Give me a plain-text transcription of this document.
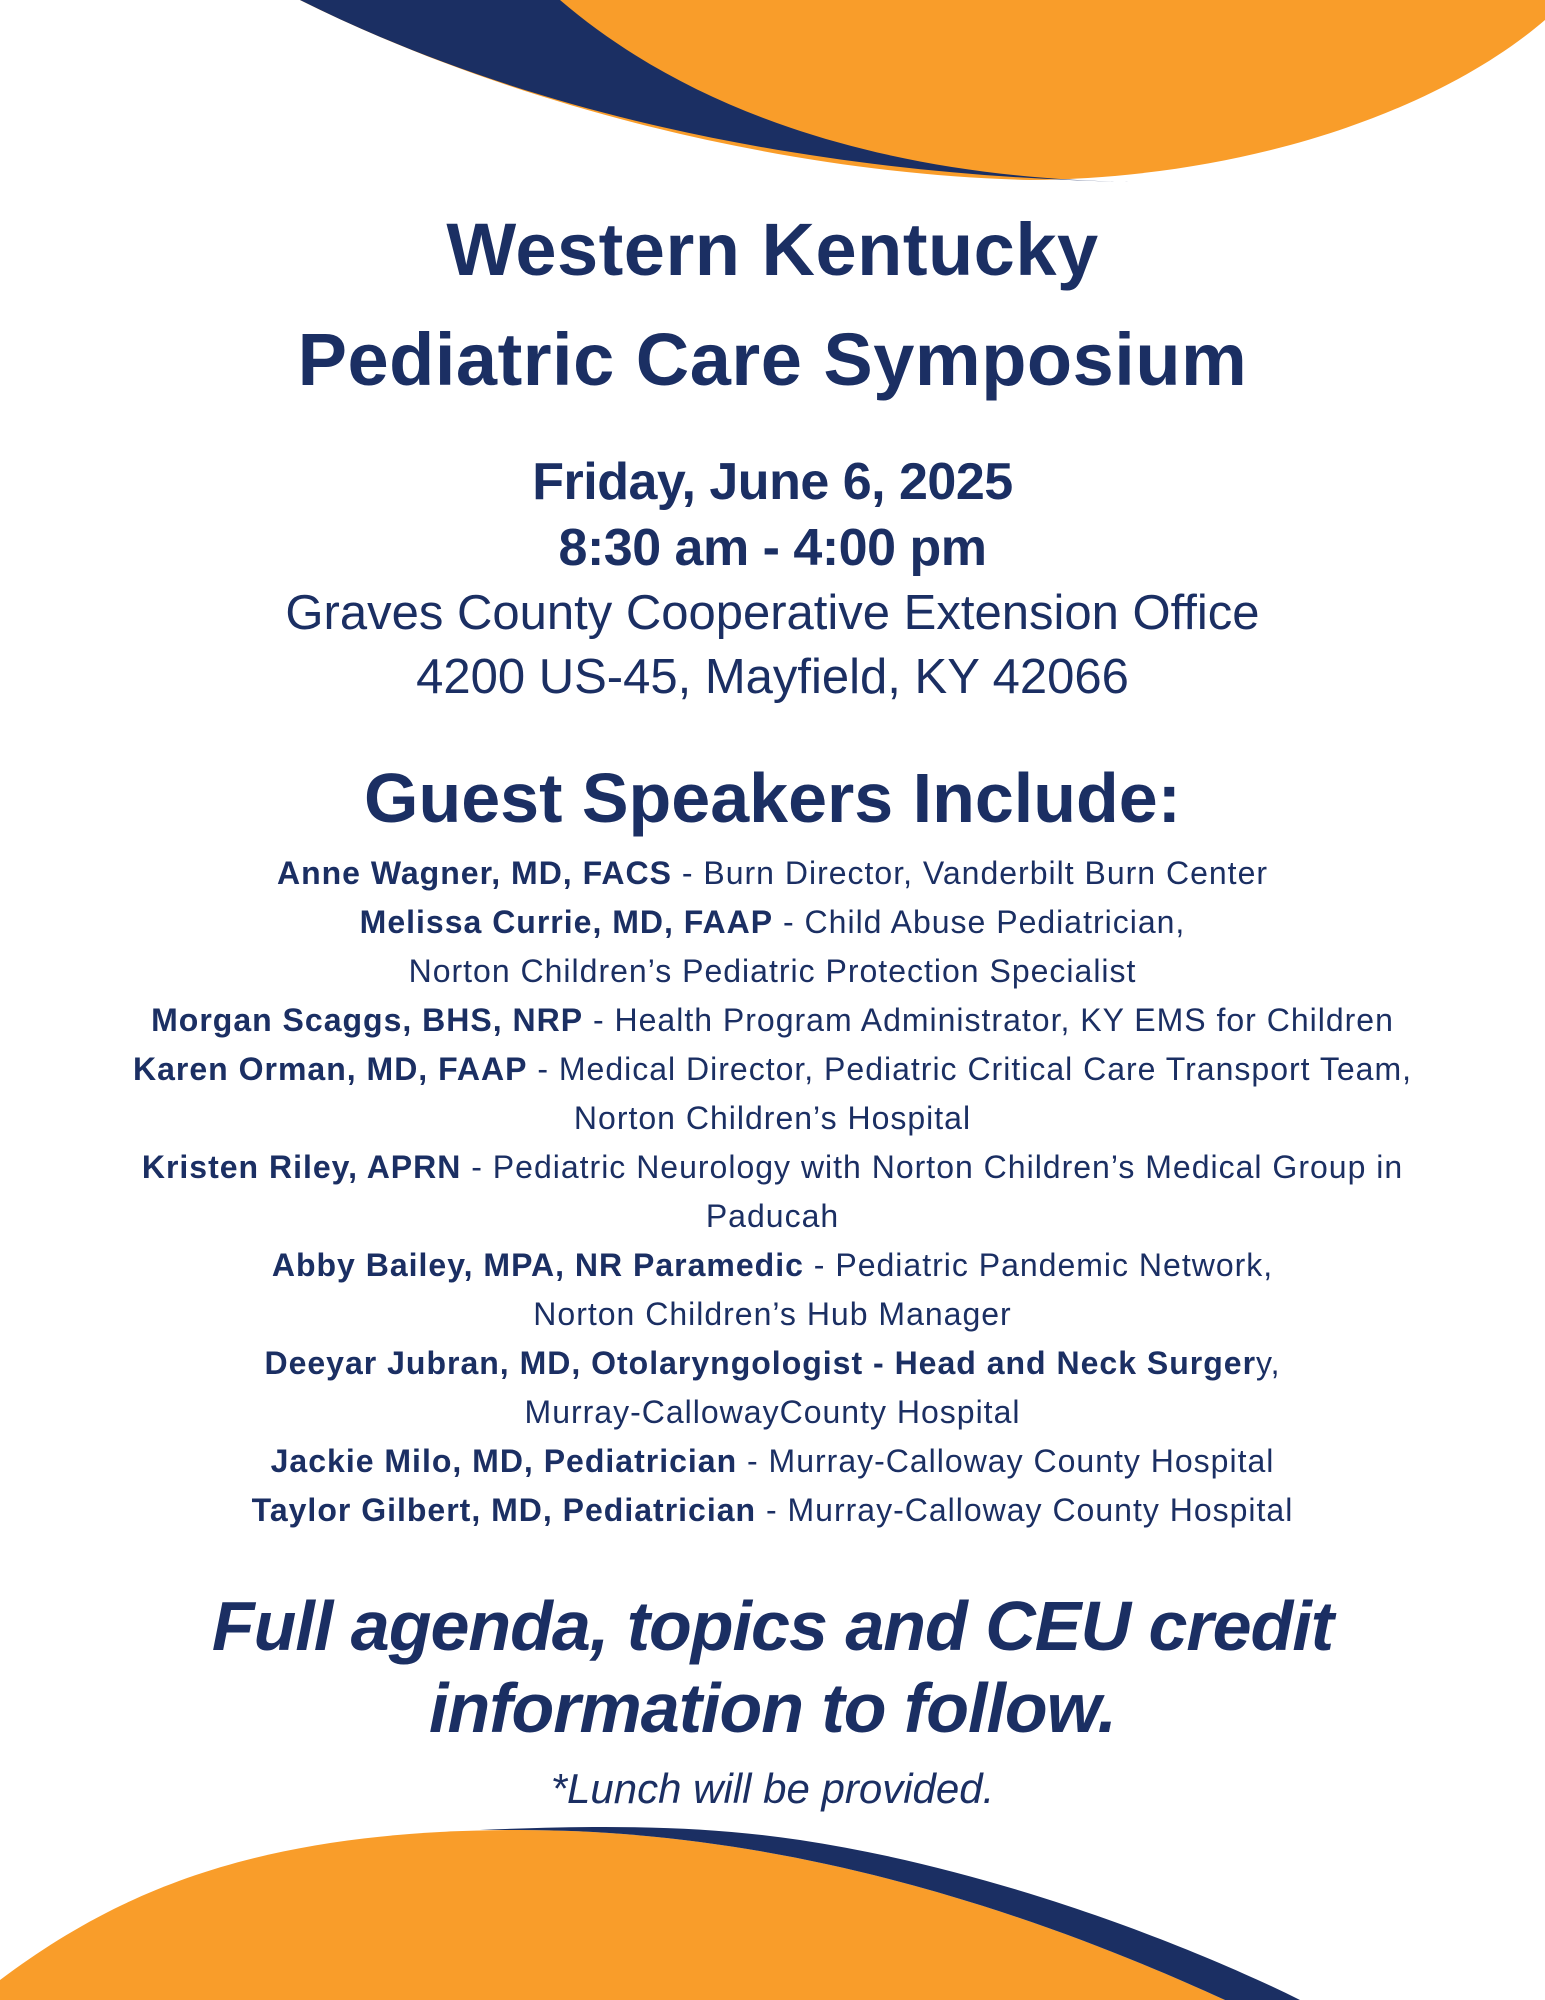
Western Kentucky
Pediatric Care Symposium

Friday, June 6, 2025
8:30 am - 4:00 pm

Graves County Cooperative Extension Office
4200 US-45, Mayfield, KY 42066

Guest Speakers Include:
Anne Wagner, MD, FACS - Burn Director, Vanderbilt Burn Center
Melissa Currie, MD, FAAP - Child Abuse Pediatrician,
Norton Children’s Pediatric Protection Specialist
Morgan Scaggs, BHS, NRP - Health Program Administrator, KY EMS for Children
Karen Orman, MD, FAAP - Medical Director, Pediatric Critical Care Transport Team,
Norton Children’s Hospital
Kristen Riley, APRN - Pediatric Neurology with Norton Children’s Medical Group in
Paducah
Abby Bailey, MPA, NR Paramedic - Pediatric Pandemic Network,
Norton Children’s Hub Manager
Deeyar Jubran, MD, Otolaryngologist - Head and Neck Surgery,
Murray-CallowayCounty Hospital
Jackie Milo, MD, Pediatrician - Murray-Calloway County Hospital
Taylor Gilbert, MD, Pediatrician - Murray-Calloway County Hospital

Full agenda, topics and CEU credit
information to follow.

*Lunch will be provided.
